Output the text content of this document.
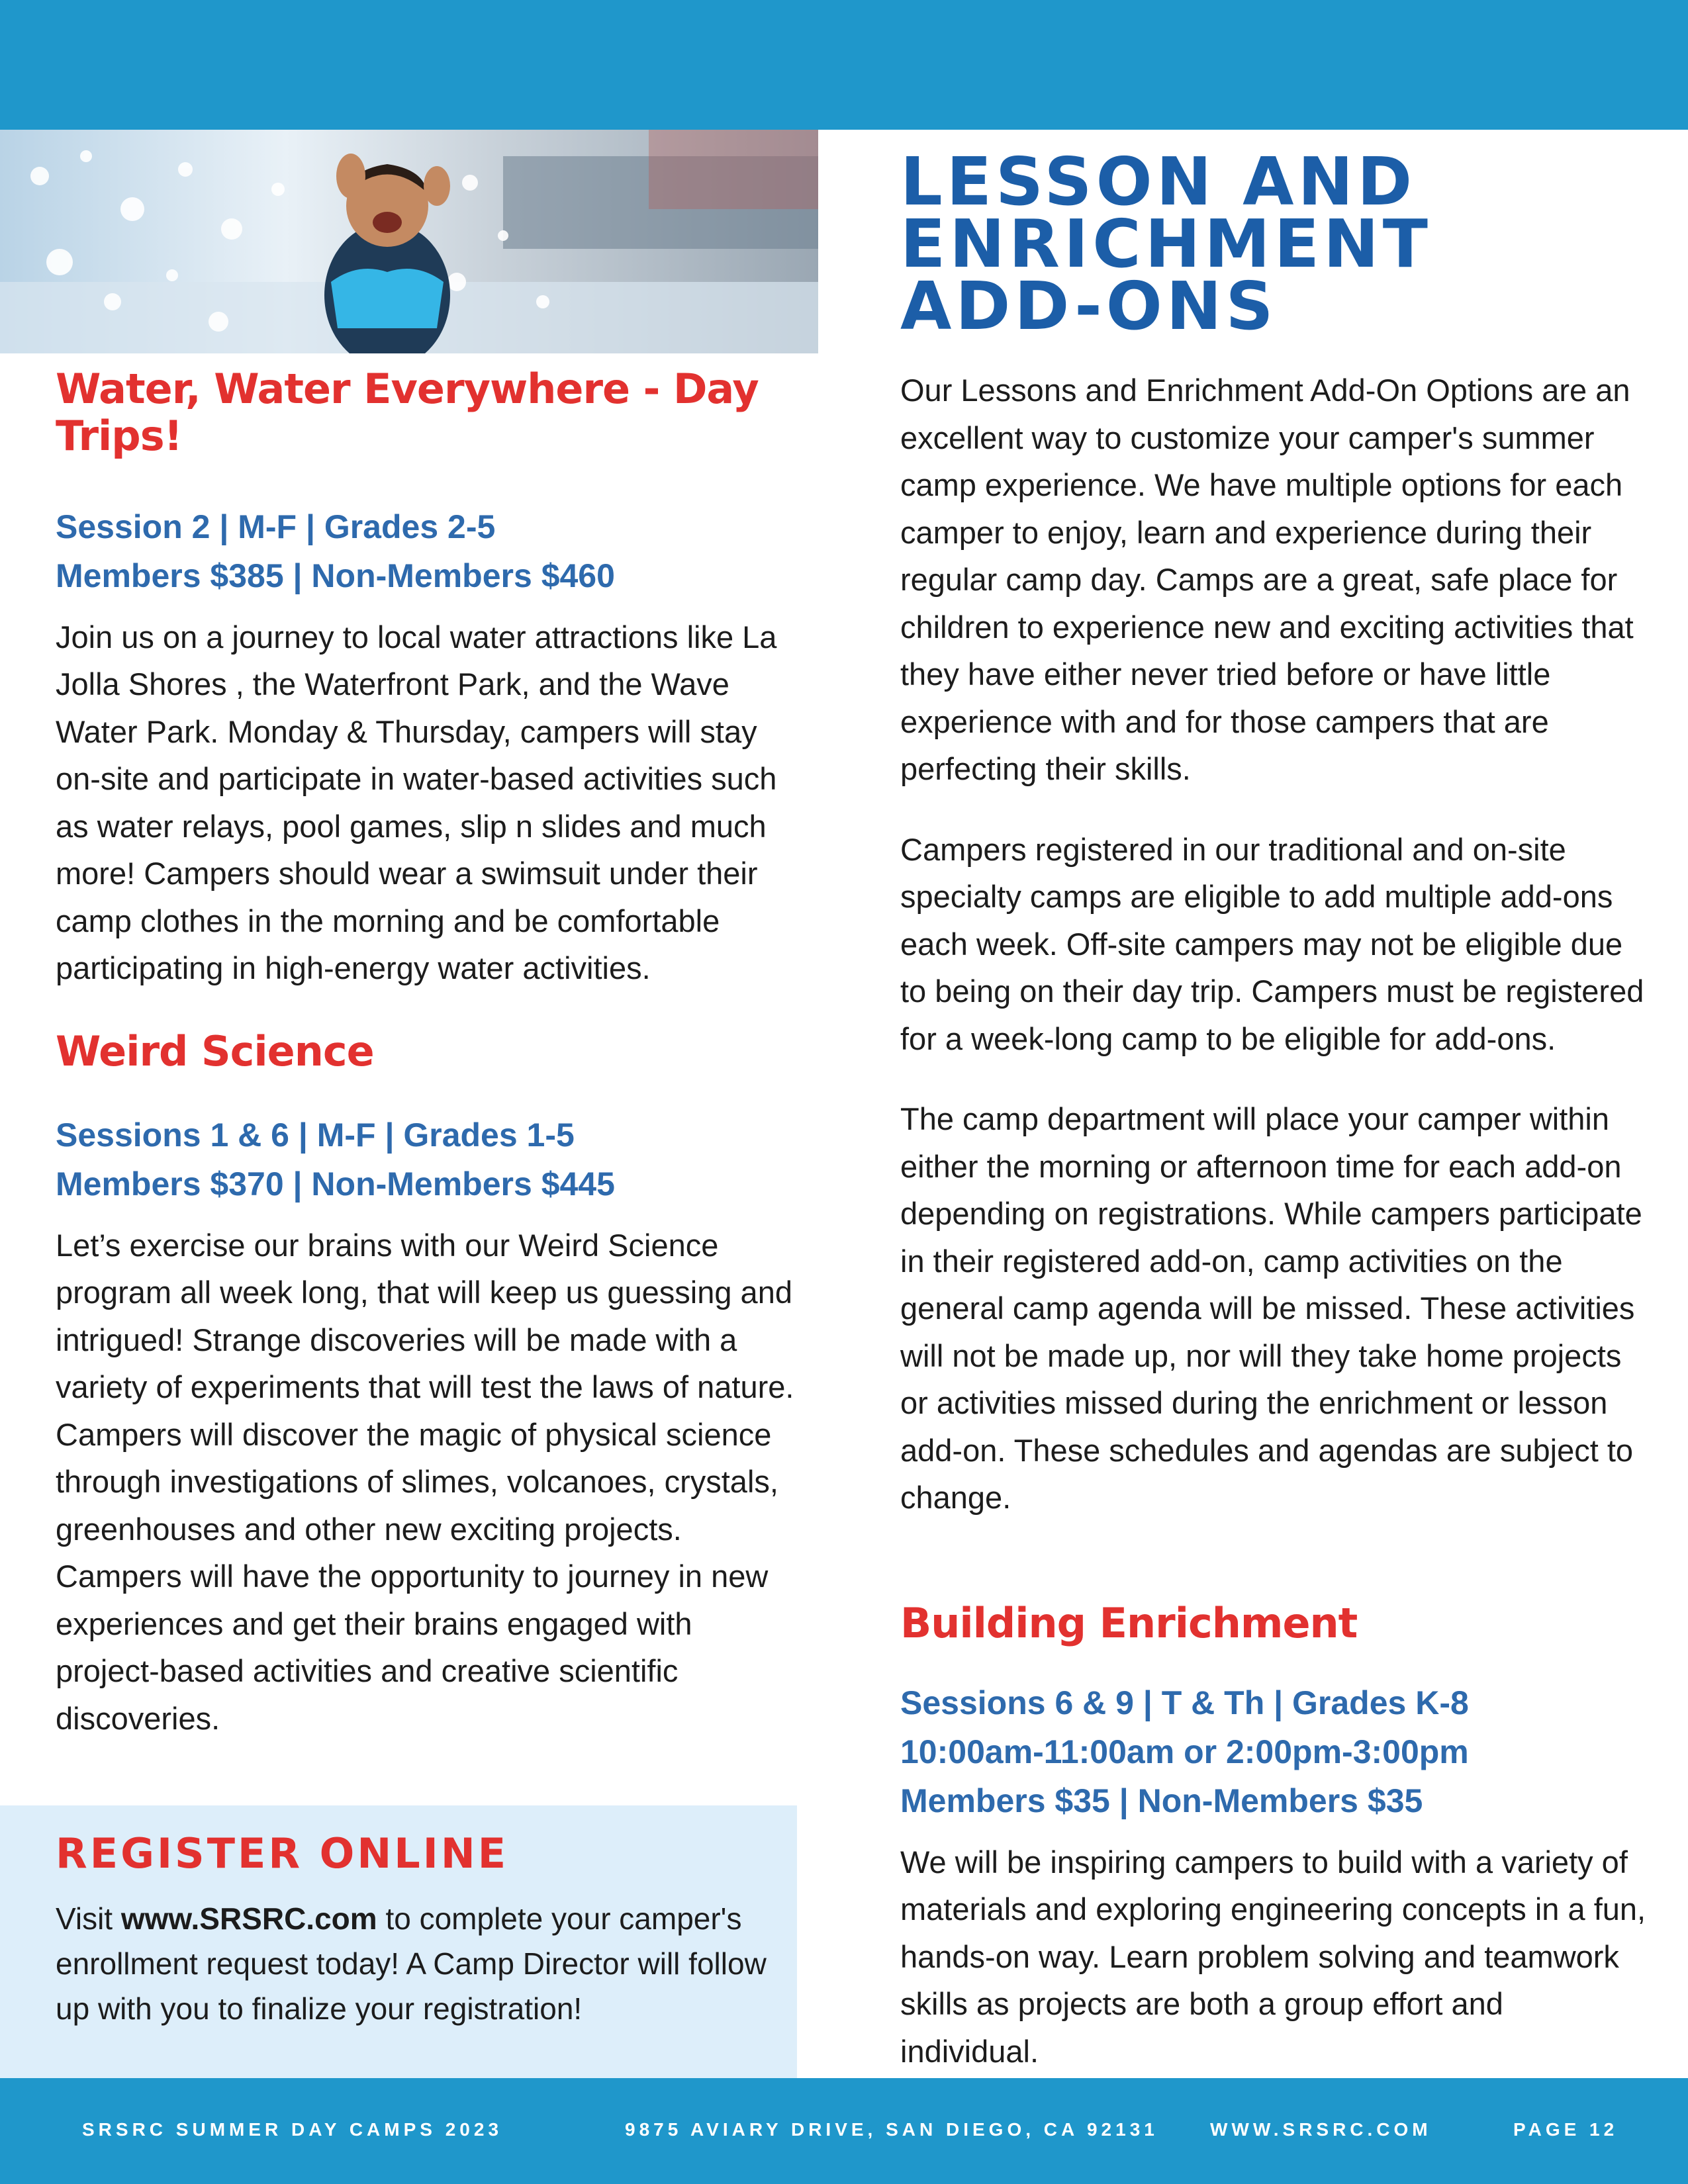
Water, Water Everywhere - Day Trips!

Session 2 | M-F | Grades 2-5

Members $385 | Non-Members $460

Join us on a journey to local water attractions like La Jolla Shores , the Waterfront Park, and the Wave Water Park. Monday & Thursday, campers will stay on-site and participate in water-based activities such as water relays, pool games, slip n slides and much more! Campers should wear a swimsuit under their camp clothes in the morning and be comfortable participating in high-energy water activities.

Weird Science

Sessions 1 & 6 | M-F | Grades 1-5

Members $370 | Non-Members $445

Let’s exercise our brains with our Weird Science program all week long, that will keep us guessing and intrigued! Strange discoveries will be made with a variety of experiments that will test the laws of nature. Campers will discover the magic of physical science through investigations of slimes, volcanoes, crystals, greenhouses and other new exciting projects. Campers will have the opportunity to journey in new experiences and get their brains engaged with project-based activities and creative scientific discoveries.

REGISTER ONLINE

Visit www.SRSRC.com to complete your camper's enrollment request today! A Camp Director will follow up with you to finalize your registration!

LESSON AND
ENRICHMENT ADD-ONS

Our Lessons and Enrichment Add-On Options are an excellent way to customize your camper's summer camp experience. We have multiple options for each camper to enjoy, learn and experience during their regular camp day. Camps are a great, safe place for children to experience new and exciting activities that they have either never tried before or have little experience with and for those campers that are perfecting their skills.

Campers registered in our traditional and on-site specialty camps are eligible to add multiple add-ons each week. Off-site campers may not be eligible due to being on their day trip. Campers must be registered for a week-long camp to be eligible for add-ons.

The camp department will place your camper within either the morning or afternoon time for each add-on depending on registrations. While campers participate in their registered add-on, camp activities on the general camp agenda will be missed. These activities will not be made up, nor will they take home projects or activities missed during the enrichment or lesson add-on. These schedules and agendas are subject to change.

Building Enrichment

Sessions 6 & 9 | T & Th | Grades K-8

10:00am-11:00am or 2:00pm-3:00pm

Members $35 | Non-Members $35

We will be inspiring campers to build with a variety of materials and exploring engineering concepts in a fun, hands-on way. Learn problem solving and teamwork skills as projects are both a group effort and individual.

SRSRC SUMMER DAY CAMPS 2023	9875 AVIARY DRIVE, SAN DIEGO, CA 92131	WWW.SRSRC.COM	PAGE 12
